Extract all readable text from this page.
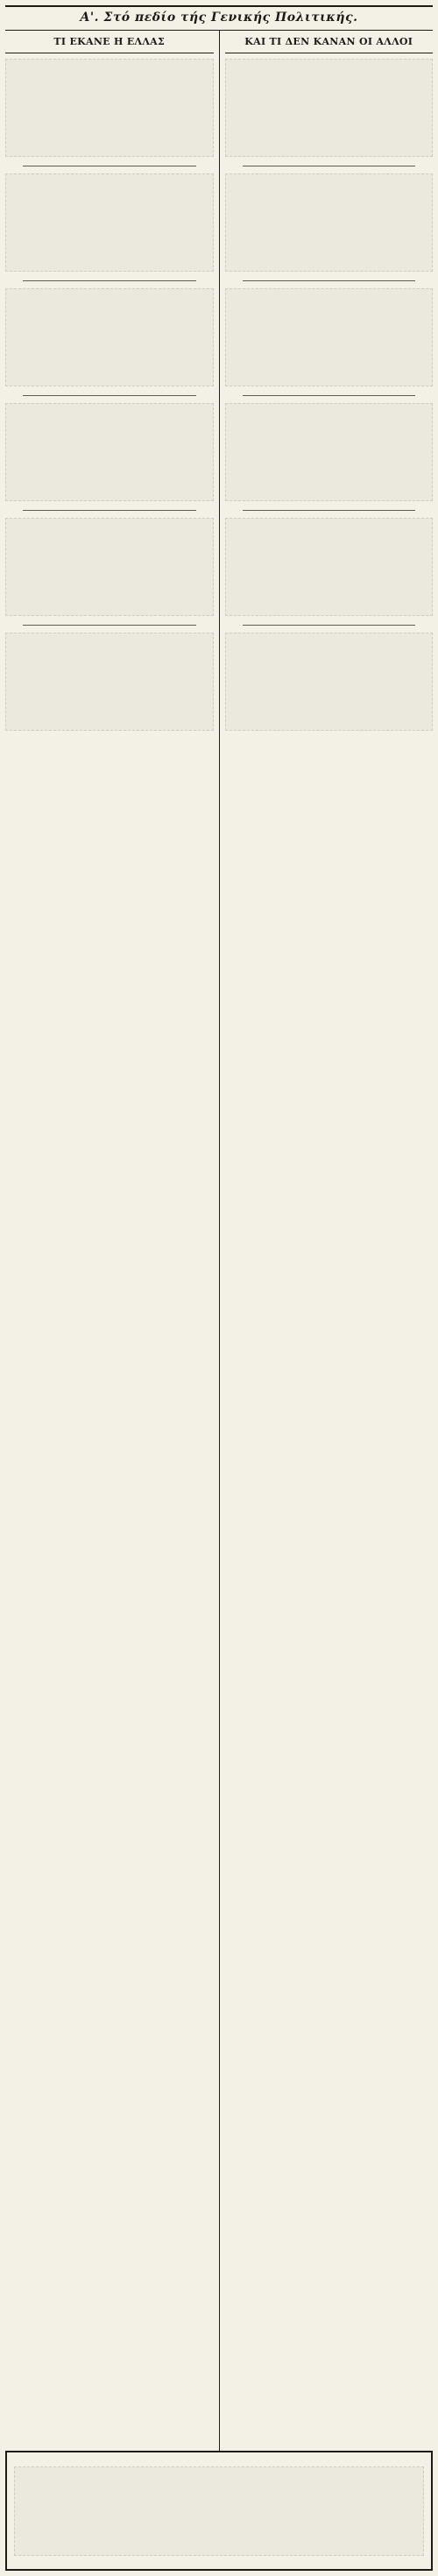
Α'. Στό πεδίο τής Γενικής Πολιτικής.
ΤΙ ΕΚΑΝΕ Η ΕΛΛΑΣ	ΚΑΙ ΤΙ ΔΕΝ ΚΑΝΑΝ ΟΙ ΑΛΛΟΙ
